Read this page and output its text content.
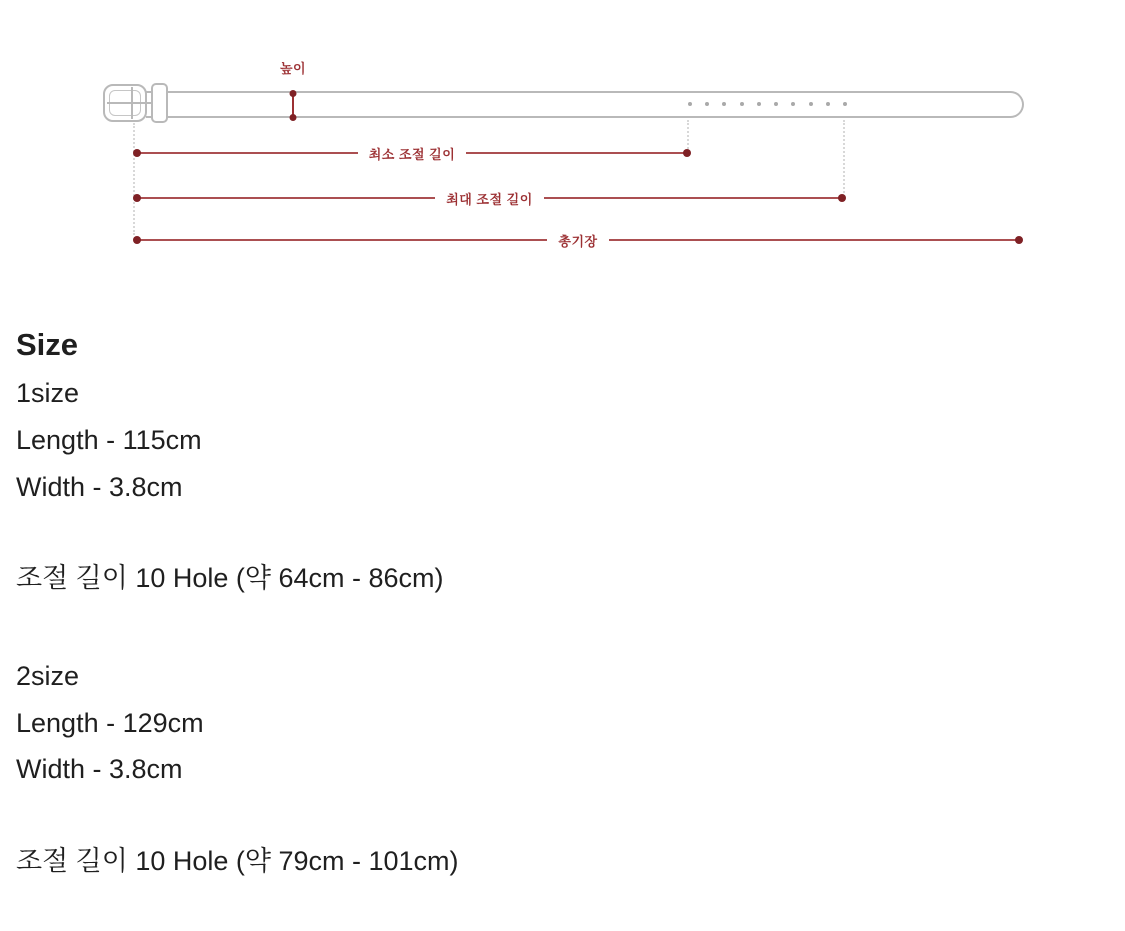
높이
최소 조절 길이
최대 조절 길이
총기장

Size

1size

Length - 115cm

Width - 3.8cm

조절 길이 10 Hole (약 64cm - 86cm)

2size

Length - 129cm

Width - 3.8cm

조절 길이 10 Hole (약 79cm - 101cm)
